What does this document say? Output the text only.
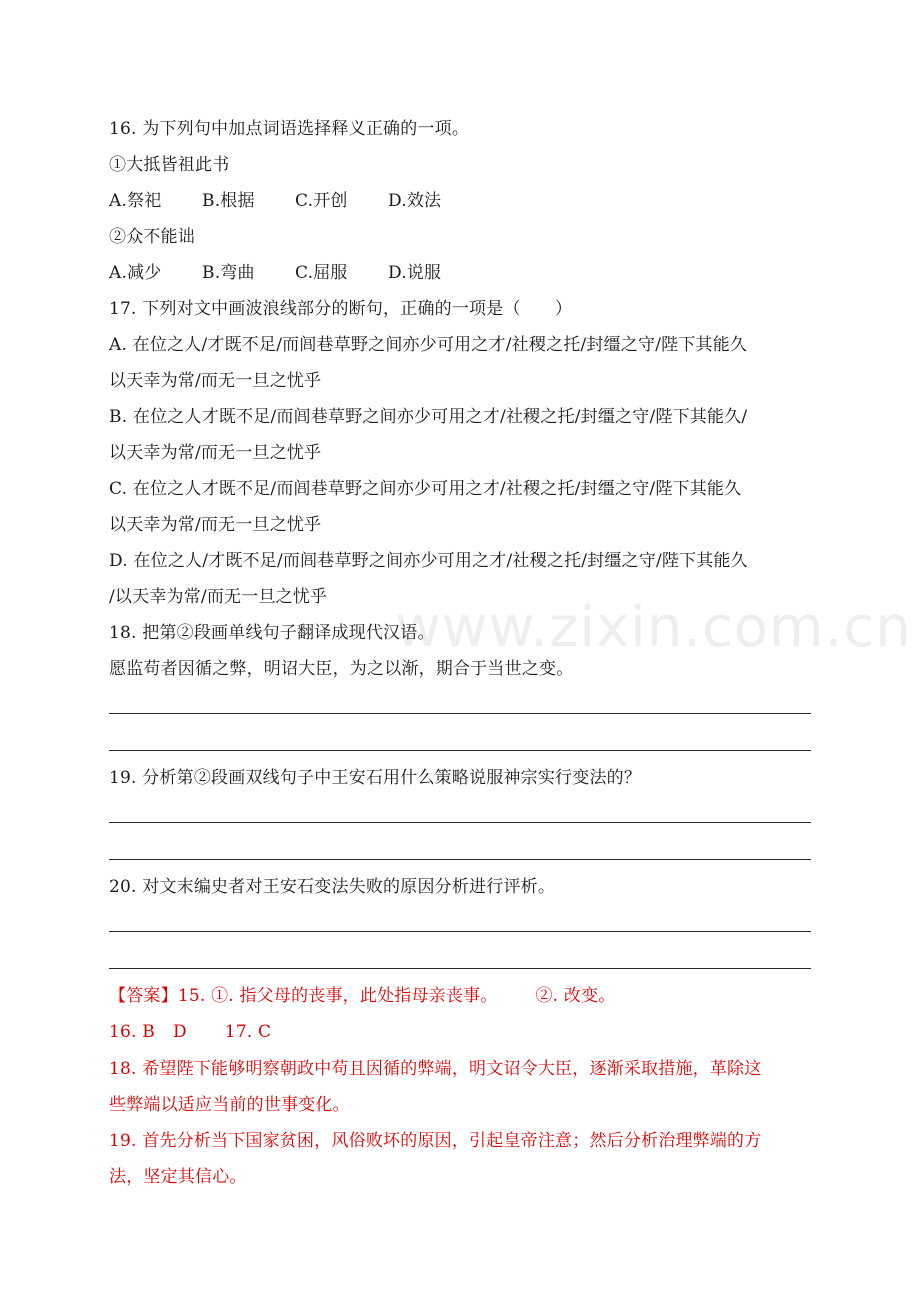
16. 为下列句中加点词语选择释义正确的一项。
①大抵皆祖此书
A.祭祀 B.根据 C.开创 D.效法
②众不能诎
A.减少 B.弯曲 C.屈服 D.说服
17. 下列对文中画波浪线部分的断句，正确的一项是（　　）
A. 在位之人/才既不足/而闾巷草野之间亦少可用之才/社稷之托/封缰之守/陛下其能久
以天幸为常/而无一旦之忧乎
B. 在位之人才既不足/而闾巷草野之间亦少可用之才/社稷之托/封缰之守/陛下其能久/
以天幸为常/而无一旦之忧乎
C. 在位之人才既不足/而闾巷草野之间亦少可用之才/社稷之托/封缰之守/陛下其能久
以天幸为常/而无一旦之忧乎
D. 在位之人/才既不足/而闾巷草野之间亦少可用之才/社稷之托/封缰之守/陛下其能久
/以天幸为常/而无一旦之忧乎	www.zixin.com.cn
18. 把第②段画单线句子翻译成现代汉语。
愿监苟者因循之弊，明诏大臣，为之以渐，期合于当世之变。
19. 分析第②段画双线句子中王安石用什么策略说服神宗实行变法的？
20. 对文末编史者对王安石变法失败的原因分析进行评析。
【答案】15. ①. 指父母的丧事，此处指母亲丧事。 ②. 改变。
16. B D 17. C
18. 希望陛下能够明察朝政中苟且因循的弊端，明文诏令大臣，逐渐采取措施，革除这
些弊端以适应当前的世事变化。
19. 首先分析当下国家贫困，风俗败坏的原因，引起皇帝注意；然后分析治理弊端的方
法，坚定其信心。
